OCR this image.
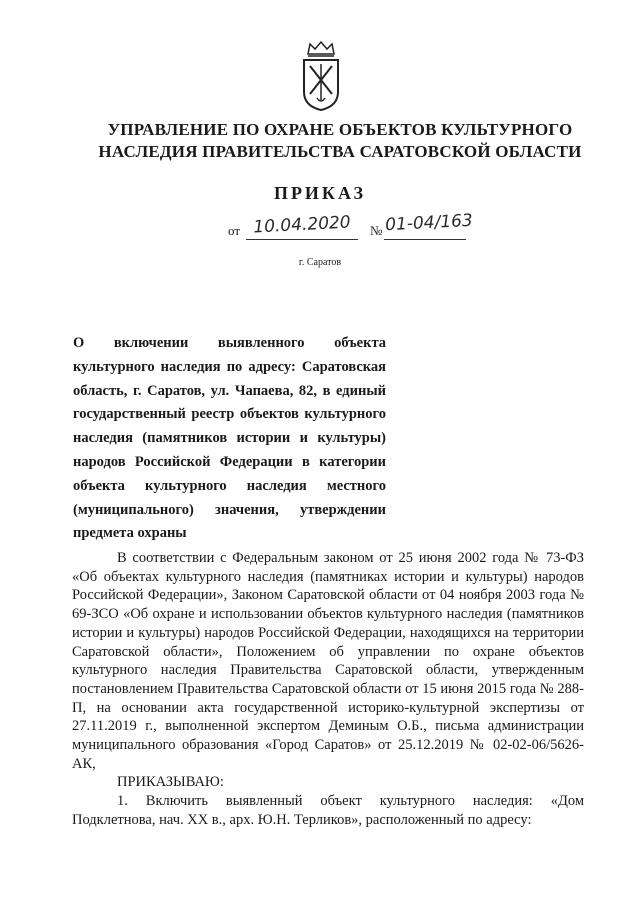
УПРАВЛЕНИЕ ПО ОХРАНЕ ОБЪЕКТОВ КУЛЬТУРНОГО
НАСЛЕДИЯ ПРАВИТЕЛЬСТВА САРАТОВСКОЙ ОБЛАСТИ
ПРИКАЗ
от 10.04.2020	№ 01-04/163
г. Саратов
О включении выявленного объекта культурного наследия по адресу: Саратовская область, г. Саратов, ул. Чапаева, 82, в единый государственный реестр объектов культурного наследия (памятников истории и культуры) народов Российской Федерации в категории объекта культурного наследия местного (муниципального) значения, утверждении предмета охраны

В соответствии с Федеральным законом от 25 июня 2002 года № 73-ФЗ «Об объектах культурного наследия (памятниках истории и культуры) народов Российской Федерации», Законом Саратовской области от 04 ноября 2003 года № 69-ЗСО «Об охране и использовании объектов культурного наследия (памятников истории и культуры) народов Российской Федерации, находящихся на территории Саратовской области», Положением об управлении по охране объектов культурного наследия Правительства Саратовской области, утвержденным постановлением Правительства Саратовской области от 15 июня 2015 года № 288-П, на основании акта государственной историко-культурной экспертизы от 27.11.2019 г., выполненной экспертом Деминым О.Б., письма администрации муниципального образования «Город Саратов» от 25.12.2019 № 02-02-06/5626-АК,

ПРИКАЗЫВАЮ:

1. Включить выявленный объект культурного наследия: «Дом Подклетнова, нач. XX в., арх. Ю.Н. Терликов», расположенный по адресу:
